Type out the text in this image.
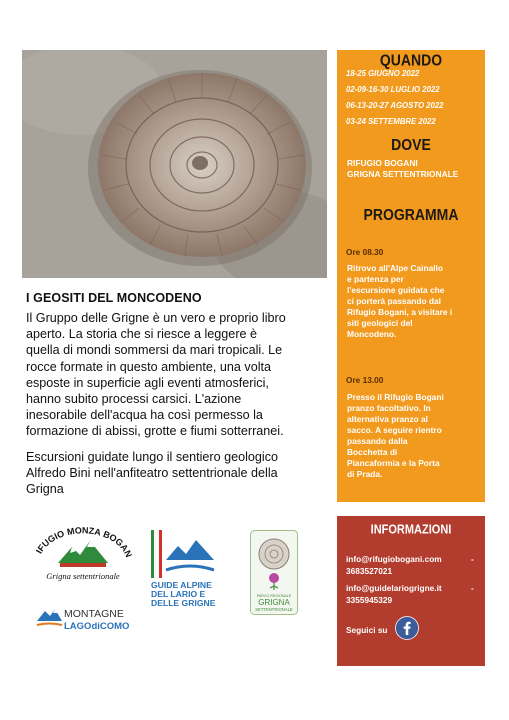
I GEOSITI DEL MONCODENO
Il Gruppo delle Grigne è un vero e proprio libro
aperto. La storia che si riesce a leggere è
quella di mondi sommersi da mari tropicali. Le
rocce formate in questo ambiente, una volta
esposte in superficie agli eventi atmosferici,
hanno subito processi carsici. L'azione
inesorabile dell'acqua ha così permesso la
formazione di abissi, grotte e fiumi sotterranei.
Escursioni guidate lungo il sentiero geologico
Alfredo Bini nell'anfiteatro settentrionale della
Grigna
QUANDO
18-25 GIUGNO 2022
02-09-16-30 LUGLIO 2022
06-13-20-27 AGOSTO 2022
03-24 SETTEMBRE 2022
DOVE
RIFUGIO BOGANI
GRIGNA SETTENTRIONALE
PROGRAMMA
Ore 08.30
Ritrovo all'Alpe Cainallo
e partenza per
l'escursione guidata che
ci porterà passando dal
Rifugio Bogani, a visitare i
siti geologici del
Moncodeno.
Ore 13.00
Presso il Rifugio Bogani
pranzo facoltativo. In
alternativa pranzo al
sacco. A seguire rientro
passando dalla
Bocchetta di
Piancaformia e la Porta
di Prada.
INFORMAZIONI
info@rifugiobogani.com	-
3683527021
info@guidelariogrigne.it	-
3355945329
Seguici su
IFUGIO MONZA BOGA
Grigna settentrionale
GUIDE ALPINE
DEL LARIO E
DELLE GRIGNE
PARCO REGIONALE
GRIGNA
SETTENTRIONALE
MONTAGNE
LAGOdiCOMO
